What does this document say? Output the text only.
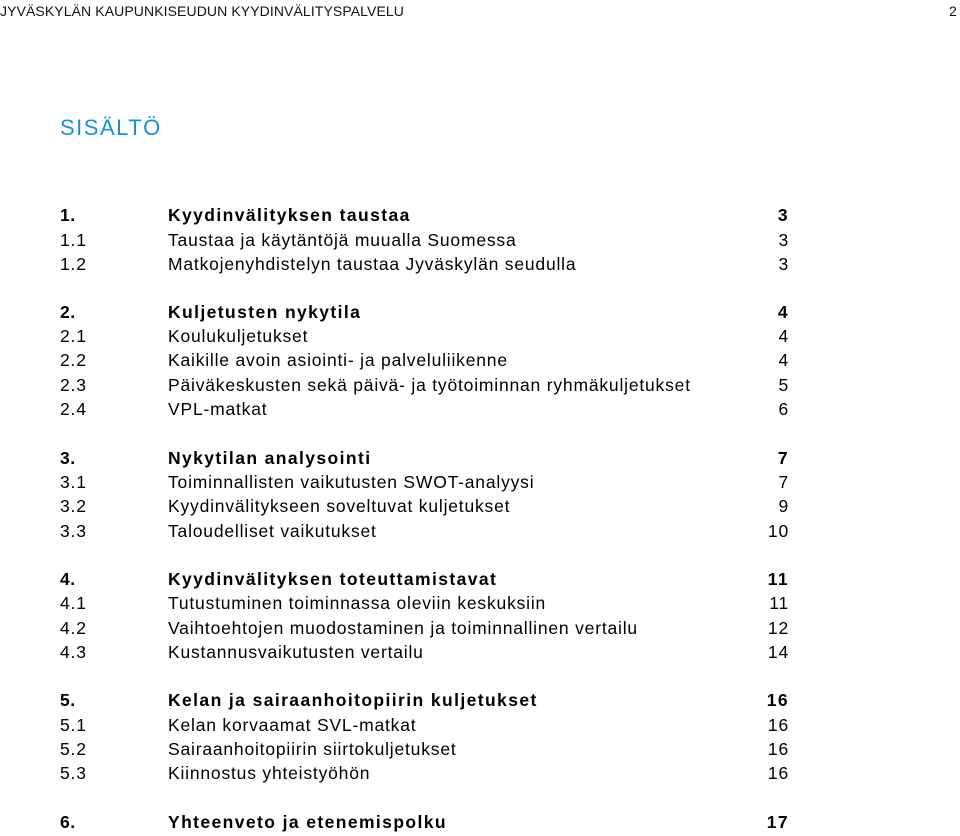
JYVÄSKYLÄN KAUPUNKISEUDUN KYYDINVÄLITYSPALVELU	2
SISÄLTÖ
1.	Kyydinvälityksen taustaa	3
1.1	Taustaa ja käytäntöjä muualla Suomessa	3
1.2	Matkojenyhdistelyn taustaa Jyväskylän seudulla	3
2.	Kuljetusten nykytila	4
2.1	Koulukuljetukset	4
2.2	Kaikille avoin asiointi- ja palveluliikenne	4
2.3	Päiväkeskusten sekä päivä- ja työtoiminnan ryhmäkuljetukset	5
2.4	VPL-matkat	6
3.	Nykytilan analysointi	7
3.1	Toiminnallisten vaikutusten SWOT-analyysi	7
3.2	Kyydinvälitykseen soveltuvat kuljetukset	9
3.3	Taloudelliset vaikutukset	10
4.	Kyydinvälityksen toteuttamistavat	11
4.1	Tutustuminen toiminnassa oleviin keskuksiin	11
4.2	Vaihtoehtojen muodostaminen ja toiminnallinen vertailu	12
4.3	Kustannusvaikutusten vertailu	14
5.	Kelan ja sairaanhoitopiirin kuljetukset	16
5.1	Kelan korvaamat SVL-matkat	16
5.2	Sairaanhoitopiirin siirtokuljetukset	16
5.3	Kiinnostus yhteistyöhön	16
6.	Yhteenveto ja etenemispolku	17
